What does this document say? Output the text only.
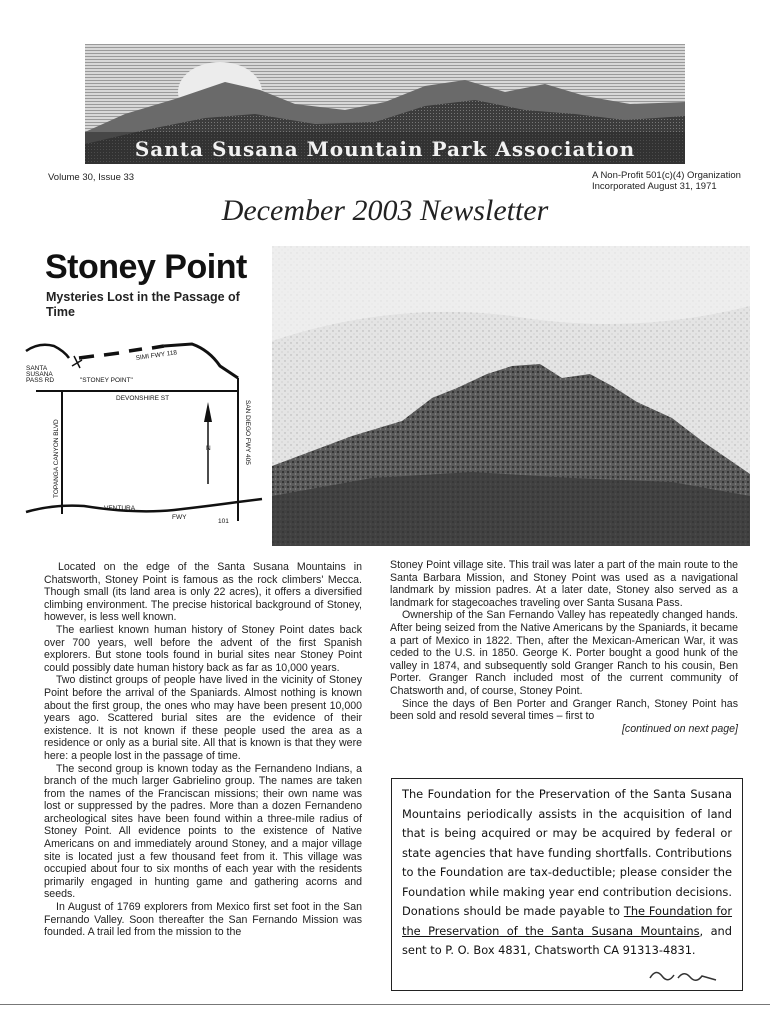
Santa Susana Mountain Park Association
Volume 30, Issue 33	A Non-Profit 501(c)(4) Organization
Incorporated August 31, 1971
December 2003 Newsletter
Stoney Point
Mysteries Lost in the Passage of Time
SIMI FWY 118
SANTA
SUSANA
PASS RD	"STONEY POINT"
DEVONSHIRE ST
TOPANGA CANYON BLVD	SAN DIEGO FWY 405
N
VENTURA
FWY
101

Located on the edge of the Santa Susana Mountains in Chatsworth, Stoney Point is famous as the rock climbers' Mecca. Though small (its land area is only 22 acres), it offers a diversified climbing environment. The precise historical background of Stoney, however, is less well known.

The earliest known human history of Stoney Point dates back over 700 years, well before the advent of the first Spanish explorers. But stone tools found in burial sites near Stoney Point could possibly date human history back as far as 10,000 years.

Two distinct groups of people have lived in the vicinity of Stoney Point before the arrival of the Spaniards. Almost nothing is known about the first group, the ones who may have been present 10,000 years ago. Scattered burial sites are the evidence of their existence. It is not known if these people used the area as a residence or only as a burial site. All that is known is that they were here: a people lost in the passage of time.

The second group is known today as the Fernandeno Indians, a branch of the much larger Gabrielino group. The names are taken from the names of the Franciscan missions; their own name was lost or suppressed by the padres. More than a dozen Fernandeno archeological sites have been found within a three-mile radius of Stoney Point. All evidence points to the existence of Native Americans on and immediately around Stoney, and a major village site is located just a few thousand feet from it. This village was occupied about four to six months of each year with the residents primarily engaged in hunting game and gathering acorns and seeds.

In August of 1769 explorers from Mexico first set foot in the San Fernando Valley. Soon thereafter the San Fernando Mission was founded. A trail led from the mission to the

Stoney Point village site. This trail was later a part of the main route to the Santa Barbara Mission, and Stoney Point was used as a navigational landmark by mission padres. At a later date, Stoney also served as a landmark for stagecoaches traveling over Santa Susana Pass.

Ownership of the San Fernando Valley has repeatedly changed hands. After being seized from the Native Americans by the Spaniards, it became a part of Mexico in 1822. Then, after the Mexican-American War, it was ceded to the U.S. in 1850. George K. Porter bought a good hunk of the valley in 1874, and subsequently sold Granger Ranch to his cousin, Ben Porter. Granger Ranch included most of the current community of Chatsworth and, of course, Stoney Point.

Since the days of Ben Porter and Granger Ranch, Stoney Point has been sold and resold several times – first to

[continued on next page]
The Foundation for the Preservation of the Santa Susana Mountains periodically assists in the acquisition of land that is being acquired or may be acquired by federal or state agencies that have funding shortfalls. Contributions to the Foundation are tax-deductible; please consider the Foundation while making year end contribution decisions. Donations should be made payable to The Foundation for the Preservation of the Santa Susana Mountains, and sent to P. O. Box 4831, Chatsworth CA 91313-4831.
